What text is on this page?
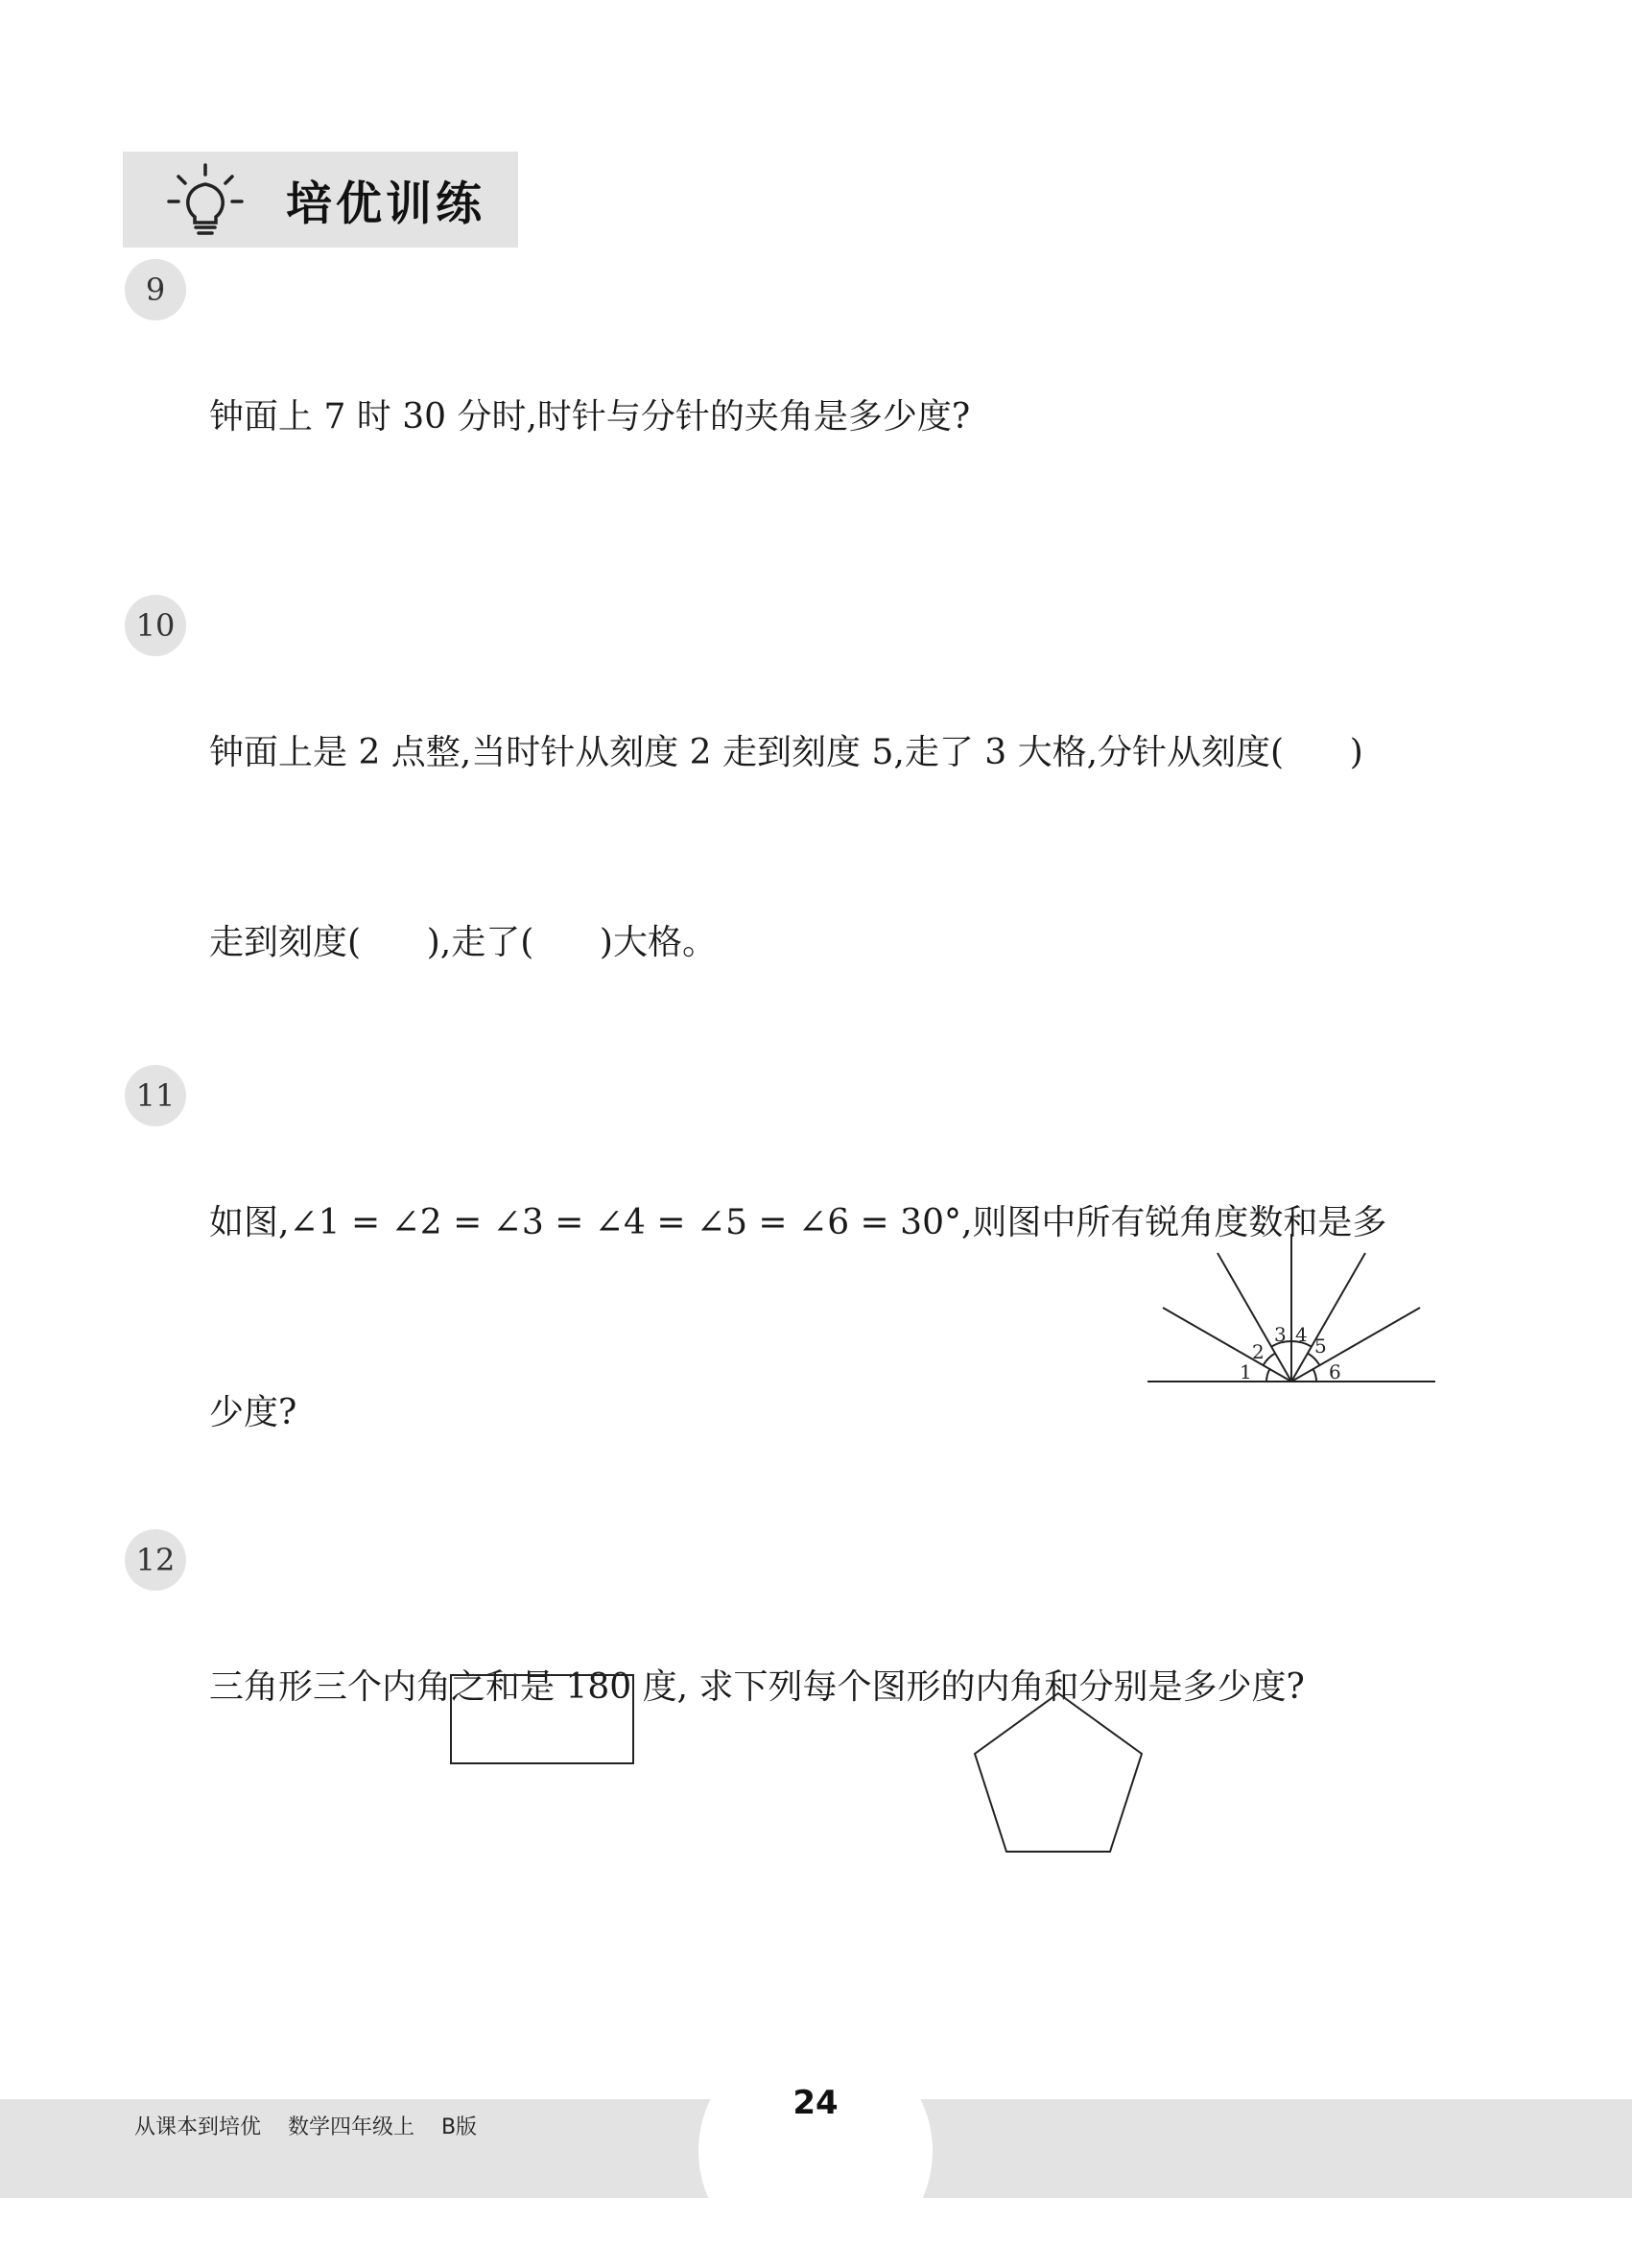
培优训练
9

钟面上 7 时 30 分时,时针与分针的夹角是多少度?

10

钟面上是 2 点整,当时针从刻度 2 走到刻度 5,走了 3 大格,分针从刻度(      )

走到刻度(      ),走了(      )大格。

11

如图,∠1 = ∠2 = ∠3 = ∠4 = ∠5 = ∠6 = 30°,则图中所有锐角度数和是多

少度?

1
2
3 4 5
6
12

三角形三个内角之和是 180 度, 求下列每个图形的内角和分别是多少度?

从课本到培优    数学四年级上    B版
24
